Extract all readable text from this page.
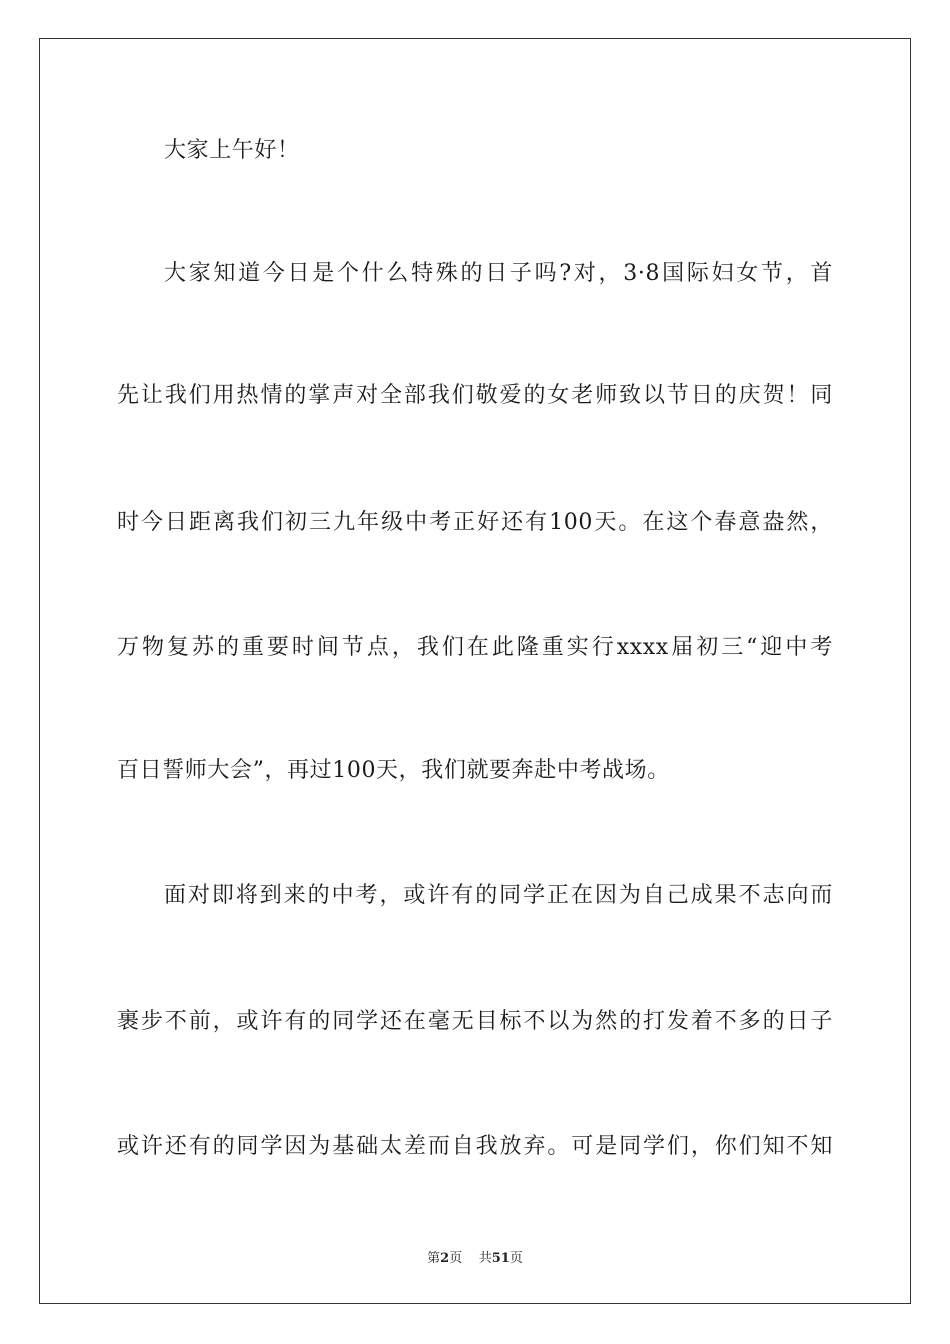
大家上午好！
大家知道今日是个什么特殊的日子吗?对，3·8国际妇女节，首
先让我们用热情的掌声对全部我们敬爱的女老师致以节日的庆贺！同
时今日距离我们初三九年级中考正好还有100天。在这个春意盎然，
万物复苏的重要时间节点，我们在此隆重实行xxxx届初三“迎中考
百日誓师大会”，再过100天，我们就要奔赴中考战场。
面对即将到来的中考，或许有的同学正在因为自己成果不志向而
裹步不前，或许有的同学还在毫无目标不以为然的打发着不多的日子
或许还有的同学因为基础太差而自我放弃。可是同学们，你们知不知
第2页 共51页
